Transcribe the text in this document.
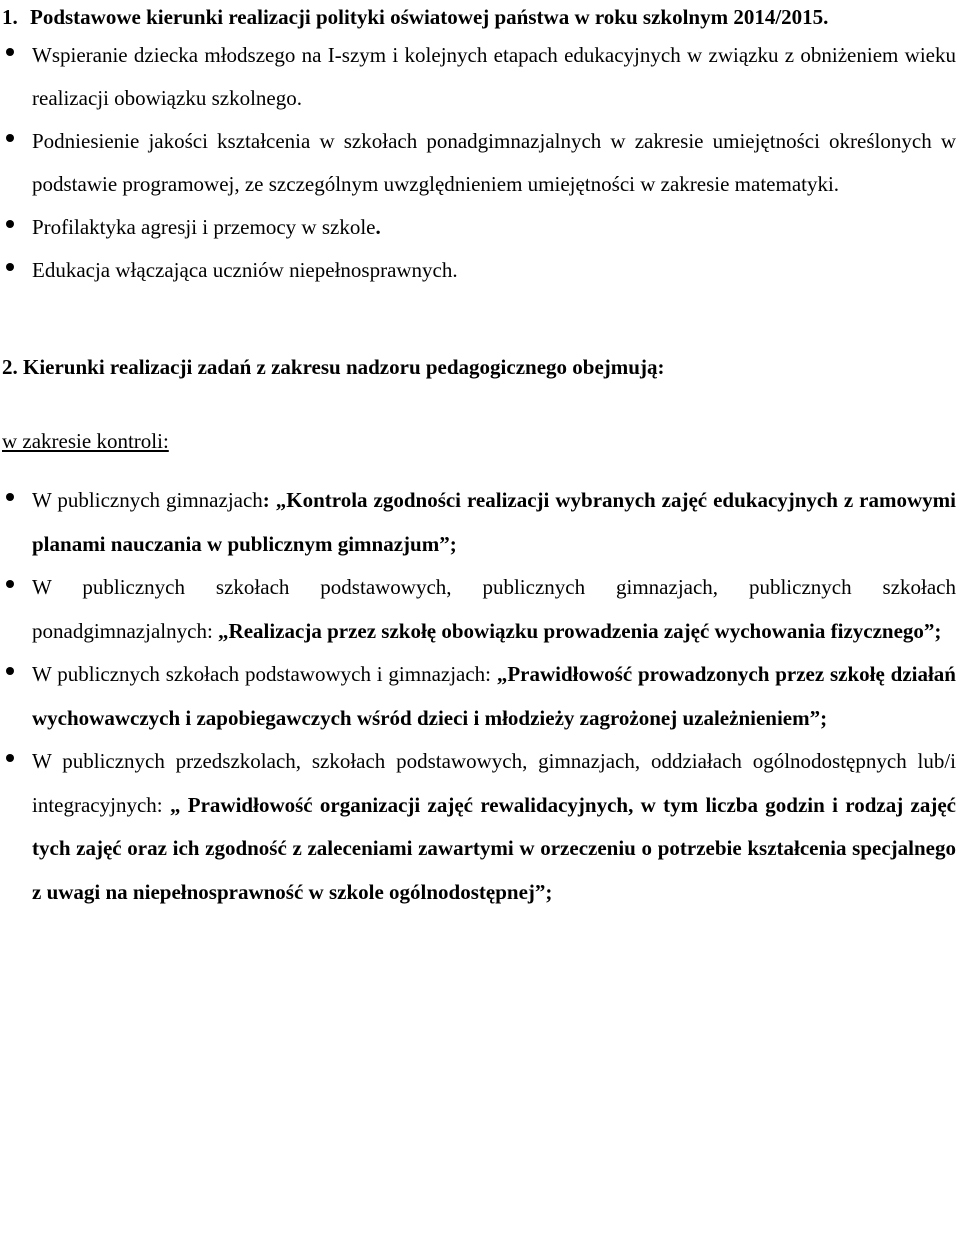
1. Podstawowe kierunki realizacji polityki oświatowej państwa w roku szkolnym 2014/2015.

Wspieranie dziecka młodszego na I-szym i kolejnych etapach edukacyjnych w związku z obniżeniem wieku realizacji obowiązku szkolnego.
Podniesienie jakości kształcenia w szkołach ponadgimnazjalnych w zakresie umiejętności określonych w podstawie programowej, ze szczególnym uwzględnieniem umiejętności w zakresie matematyki.
Profilaktyka agresji i przemocy w szkole.
Edukacja włączająca uczniów niepełnosprawnych.

2. Kierunki realizacji zadań z zakresu nadzoru pedagogicznego obejmują:

w zakresie kontroli:

W publicznych gimnazjach: „Kontrola zgodności realizacji wybranych zajęć edukacyjnych z ramowymi planami nauczania w publicznym gimnazjum”;
W publicznych szkołach podstawowych, publicznych gimnazjach, publicznych szkołach ponadgimnazjalnych: „Realizacja przez szkołę obowiązku prowadzenia zajęć wychowania fizycznego”;
W publicznych szkołach podstawowych i gimnazjach: „Prawidłowość prowadzonych przez szkołę działań wychowawczych i zapobiegawczych wśród dzieci i młodzieży zagrożonej uzależnieniem”;
W publicznych przedszkolach, szkołach podstawowych, gimnazjach, oddziałach ogólnodostępnych lub/i integracyjnych: „ Prawidłowość organizacji zajęć rewalidacyjnych, w tym liczba godzin i rodzaj zajęć tych zajęć oraz ich zgodność z zaleceniami zawartymi w orzeczeniu o potrzebie kształcenia specjalnego z uwagi na niepełnosprawność w szkole ogólnodostępnej”;
